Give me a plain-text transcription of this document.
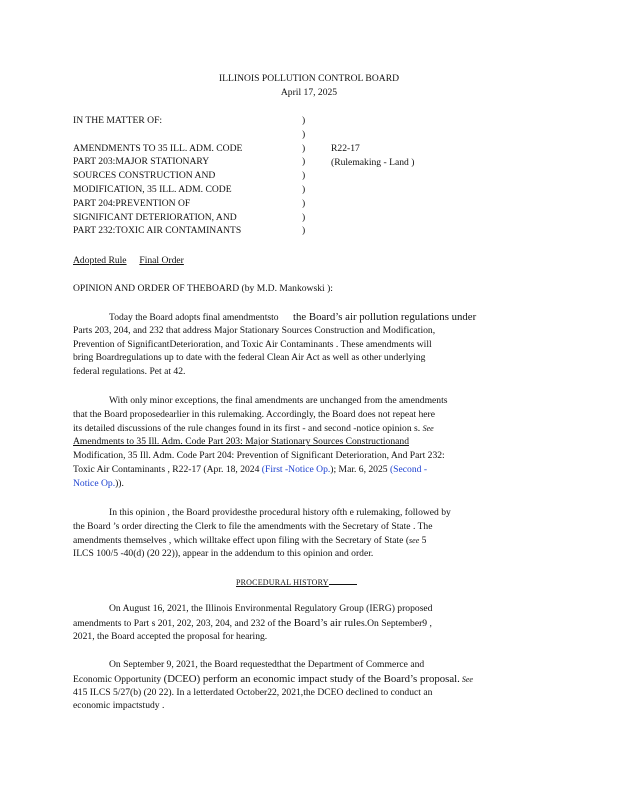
ILLINOIS POLLUTION CONTROL BOARD
April 17, 2025
IN THE MATTER OF:
AMENDMENTS TO 35 ILL. ADM. CODE
PART 203:MAJOR STATIONARY
SOURCES CONSTRUCTION AND
MODIFICATION, 35 ILL. ADM. CODE
PART 204:PREVENTION OF
SIGNIFICANT DETERIORATION, AND
PART 232:TOXIC AIR CONTAMINANTS
)
)
)
)
)
)
)
)
)
R22-17
(Rulemaking - Land )
Adopted Rule Final Order
OPINION AND ORDER OF THEBOARD (by M.D. Mankowski ):
Today the Board adopts final amendmentsto the Board’s air pollution regulations under
Parts 203, 204, and 232 that address Major Stationary Sources Construction and Modification,
Prevention of SignificantDeterioration, and Toxic Air Contaminants . These amendments will
bring Boardregulations up to date with the federal Clean Air Act as well as other underlying
federal regulations. Pet at 42.
With only minor exceptions, the final amendments are unchanged from the amendments
that the Board proposedearlier in this rulemaking. Accordingly, the Board does not repeat here
its detailed discussions of the rule changes found in its first - and second -notice opinion s. See
Amendments to 35 Ill. Adm. Code Part 203: Major Stationary Sources Constructionand
Modification, 35 Ill. Adm. Code Part 204: Prevention of Significant Deterioration, And Part 232:
Toxic Air Contaminants , R22-17 (Apr. 18, 2024 (First -Notice Op.); Mar. 6, 2025 (Second -
Notice Op.)).
In this opinion , the Board providesthe procedural history ofth e rulemaking, followed by
the Board ’s order directing the Clerk to file the amendments with the Secretary of State . The
amendments themselves , which willtake effect upon filing with the Secretary of State (see 5
ILCS 100/5 -40(d) (20 22)), appear in the addendum to this opinion and order.
PROCEDURAL HISTORY
On August 16, 2021, the Illinois Environmental Regulatory Group (IERG) proposed
amendments to Part s 201, 202, 203, 204, and 232 of the Board’s air rules.On September9 ,
2021, the Board accepted the proposal for hearing.
On September 9, 2021, the Board requestedthat the Department of Commerce and
Economic Opportunity (DCEO) perform an economic impact study of the Board’s proposal. See
415 ILCS 5/27(b) (20 22). In a letterdated October22, 2021,the DCEO declined to conduct an
economic impactstudy .
